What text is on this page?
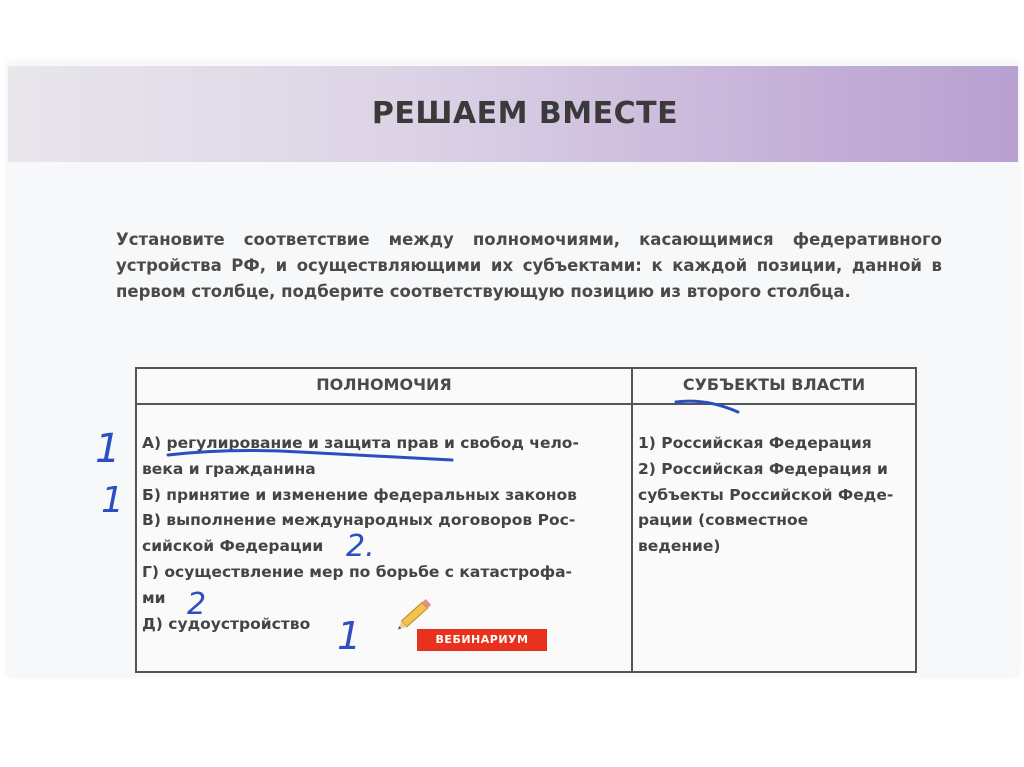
РЕШАЕМ ВМЕСТЕ
Установите соответствие между полномочиями, касающимися федеративного устройства РФ, и осуществляющими их субъектами: к каждой позиции, данной в первом столбце, подберите соответствующую позицию из второго столбца.
ПОЛНОМОЧИЯ	СУБЪЕКТЫ ВЛАСТИ
А) регулирование и защита прав и свобод чело-
века и гражданина
Б) принятие и изменение федеральных законов
В) выполнение международных договоров Рос-
сийской Федерации
Г) осуществление мер по борьбе с катастрофа-
ми
Д) судоустройство
1) Российская Федерация
2) Российская Федерация и
субъекты Российской Феде-
рации (совместное
ведение)
ВЕБИНАРИУМ
1
1
2.
2
1
